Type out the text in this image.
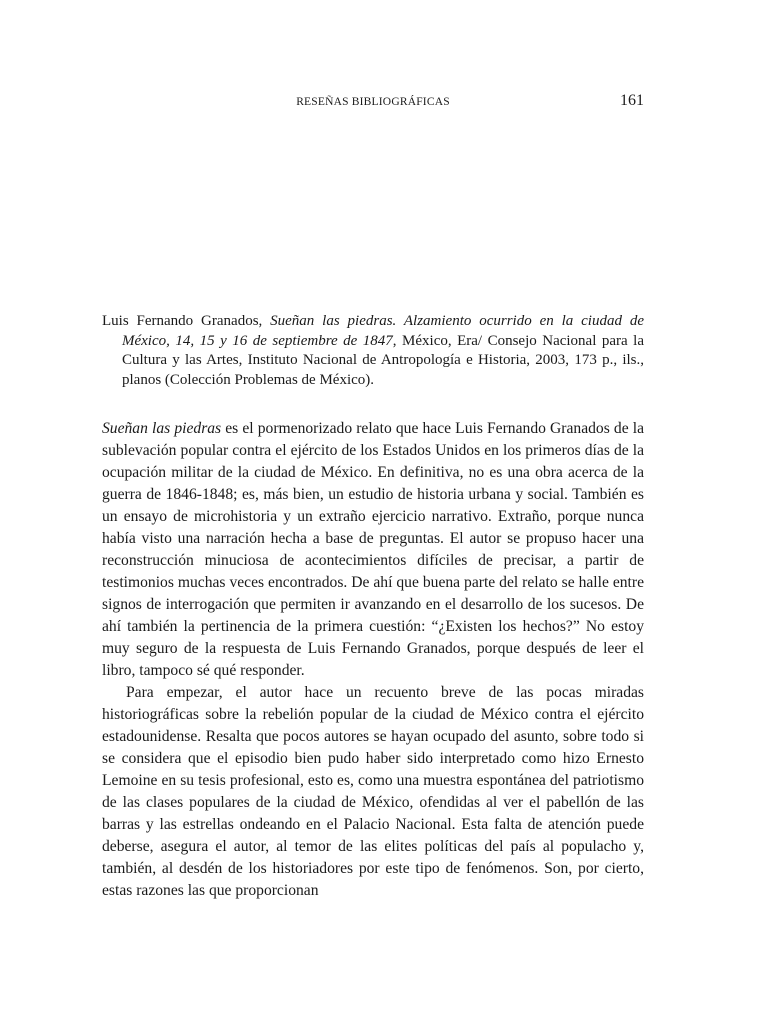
RESEÑAS BIBLIOGRÁFICAS	161
Luis Fernando Granados, Sueñan las piedras. Alzamiento ocurrido en la ciudad de México, 14, 15 y 16 de septiembre de 1847, México, Era/ Consejo Nacional para la Cultura y las Artes, Instituto Nacional de Antropología e Historia, 2003, 173 p., ils., planos (Colección Problemas de México).

Sueñan las piedras es el pormenorizado relato que hace Luis Fernando Granados de la sublevación popular contra el ejército de los Estados Unidos en los primeros días de la ocupación militar de la ciudad de México. En definitiva, no es una obra acerca de la guerra de 1846-1848; es, más bien, un estudio de historia urbana y social. También es un ensayo de microhistoria y un extraño ejercicio narrativo. Extraño, porque nunca había visto una narración hecha a base de preguntas. El autor se propuso hacer una reconstrucción minuciosa de acontecimientos difíciles de precisar, a partir de testimonios muchas veces encontrados. De ahí que buena parte del relato se halle entre signos de interrogación que permiten ir avanzando en el desarrollo de los sucesos. De ahí también la pertinencia de la primera cuestión: “¿Existen los hechos?” No estoy muy seguro de la respuesta de Luis Fernando Granados, porque después de leer el libro, tampoco sé qué responder.

Para empezar, el autor hace un recuento breve de las pocas miradas historiográficas sobre la rebelión popular de la ciudad de México contra el ejército estadounidense. Resalta que pocos autores se hayan ocupado del asunto, sobre todo si se considera que el episodio bien pudo haber sido interpretado como hizo Ernesto Lemoine en su tesis profesional, esto es, como una muestra espontánea del patriotismo de las clases populares de la ciudad de México, ofendidas al ver el pabellón de las barras y las estrellas ondeando en el Palacio Nacional. Esta falta de atención puede deberse, asegura el autor, al temor de las elites políticas del país al populacho y, también, al desdén de los historiadores por este tipo de fenómenos. Son, por cierto, estas razones las que proporcionan
